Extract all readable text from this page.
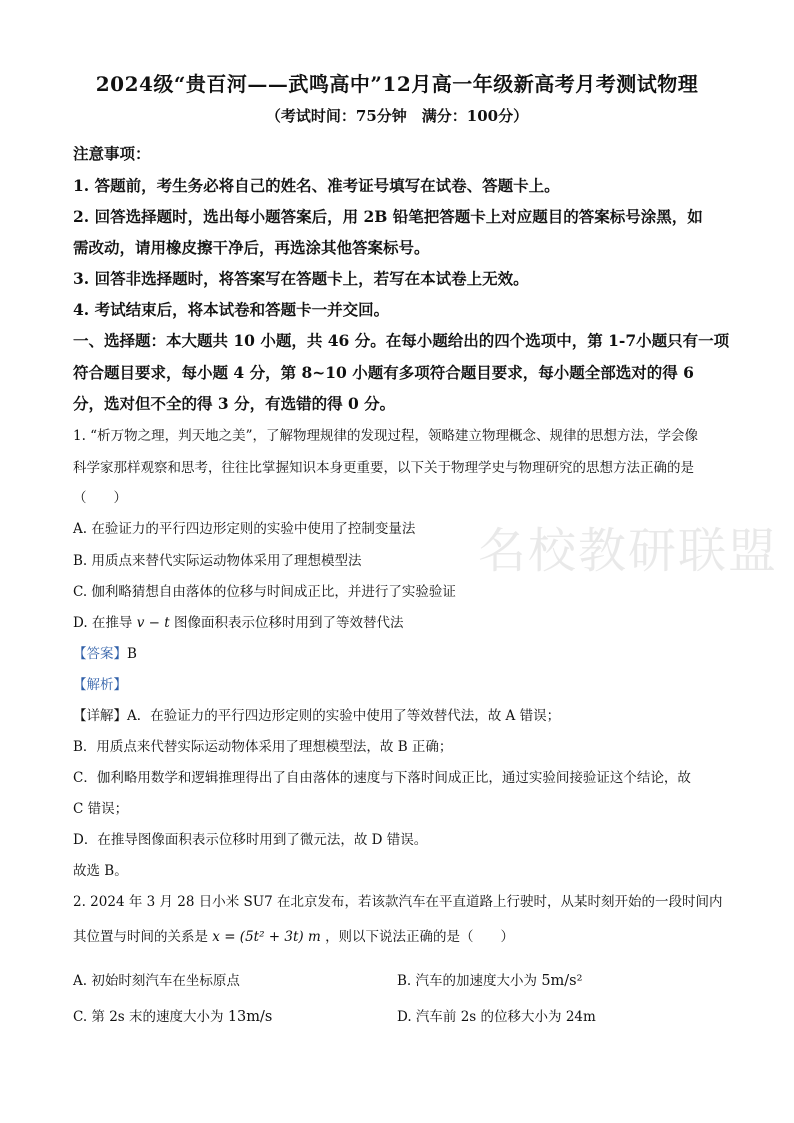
名校教研联盟
2024级“贵百河——武鸣高中”12月高一年级新高考月考测试物理
（考试时间：75分钟　满分：100分）
注意事项：
1. 答题前，考生务必将自己的姓名、准考证号填写在试卷、答题卡上。
2. 回答选择题时，选出每小题答案后，用 2B 铅笔把答题卡上对应题目的答案标号涂黑，如
需改动，请用橡皮擦干净后，再选涂其他答案标号。
3. 回答非选择题时，将答案写在答题卡上，若写在本试卷上无效。
4. 考试结束后，将本试卷和答题卡一并交回。
一、选择题：本大题共 10 小题，共 46 分。在每小题给出的四个选项中，第 1-7小题只有一项
符合题目要求，每小题 4 分，第 8~10 小题有多项符合题目要求，每小题全部选对的得 6
分，选对但不全的得 3 分，有选错的得 0 分。
1. “析万物之理，判天地之美”，了解物理规律的发现过程，领略建立物理概念、规律的思想方法，学会像
科学家那样观察和思考，往往比掌握知识本身更重要，以下关于物理学史与物理研究的思想方法正确的是
（　　）
A. 在验证力的平行四边形定则的实验中使用了控制变量法
B. 用质点来替代实际运动物体采用了理想模型法
C. 伽利略猜想自由落体的位移与时间成正比，并进行了实验验证
D. 在推导 v − t 图像面积表示位移时用到了等效替代法
【答案】B
【解析】
【详解】A．在验证力的平行四边形定则的实验中使用了等效替代法，故 A 错误；
B．用质点来代替实际运动物体采用了理想模型法，故 B 正确；
C．伽利略用数学和逻辑推理得出了自由落体的速度与下落时间成正比，通过实验间接验证这个结论，故
C 错误；
D．在推导图像面积表示位移时用到了微元法，故 D 错误。
故选 B。
2. 2024 年 3 月 28 日小米 SU7 在北京发布，若该款汽车在平直道路上行驶时，从某时刻开始的一段时间内
其位置与时间的关系是 x = (5t² + 3t) m ，则以下说法正确的是（　　）
A. 初始时刻汽车在坐标原点	B. 汽车的加速度大小为 5m/s²
C. 第 2s 末的速度大小为 13m/s	D. 汽车前 2s 的位移大小为 24m
